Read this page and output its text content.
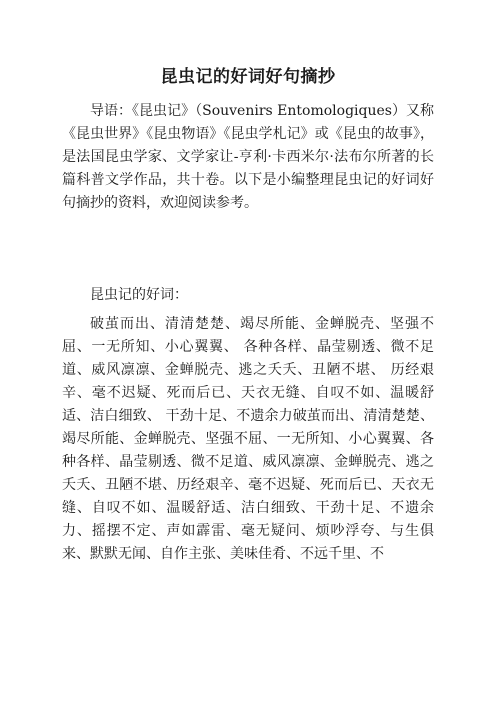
昆虫记的好词好句摘抄

导语：《昆虫记》（Souvenirs Entomologiques）又称《昆虫世界》《昆虫物语》《昆虫学札记》或《昆虫的故事》，是法国昆虫学家、文学家让-亨利·卡西米尔·法布尔所著的长篇科普文学作品，共十卷。以下是小编整理昆虫记的好词好句摘抄的资料，欢迎阅读参考。

昆虫记的好词：

破茧而出、清清楚楚、竭尽所能、金蝉脱壳、坚强不屈、一无所知、小心翼翼、 各种各样、晶莹剔透、微不足道、威风凛凛、金蝉脱壳、逃之夭夭、丑陋不堪、 历经艰辛、毫不迟疑、死而后已、天衣无缝、自叹不如、温暖舒适、洁白细致、 干劲十足、不遗余力破茧而出、清清楚楚、竭尽所能、金蝉脱壳、坚强不屈、一无所知、小心翼翼、各种各样、晶莹剔透、微不足道、威风凛凛、金蝉脱壳、逃之夭夭、丑陋不堪、历经艰辛、毫不迟疑、死而后已、天衣无缝、自叹不如、温暖舒适、洁白细致、干劲十足、不遗余力、摇摆不定、声如霹雷、毫无疑问、烦吵浮夸、与生俱来、默默无闻、自作主张、美味佳肴、不远千里、不
